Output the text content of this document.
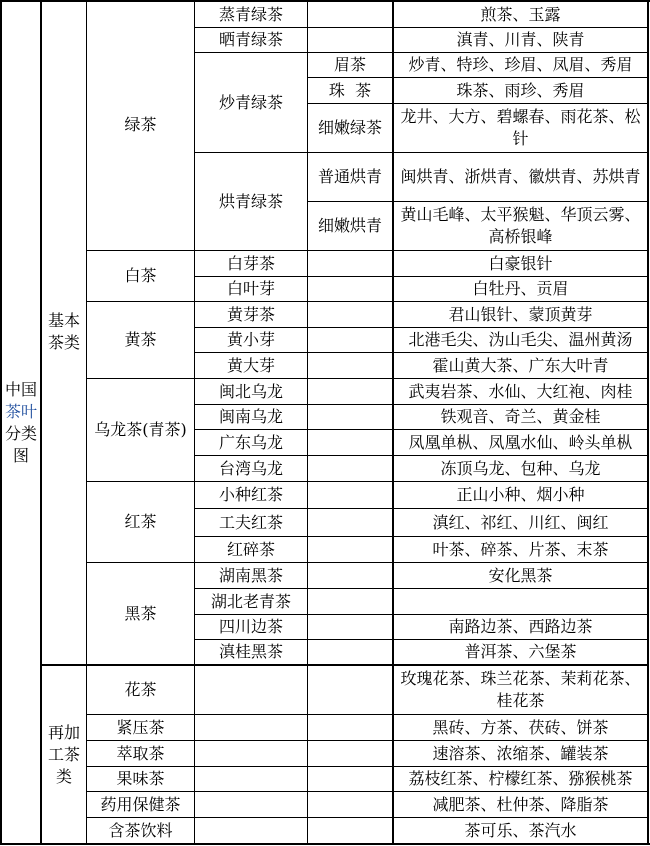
中国
茶叶
分类
图
基本茶类
再加工茶类
绿茶
白茶
黄茶
乌龙茶(青茶)
红茶
黑茶
花茶
紧压茶
萃取茶
果味茶
药用保健茶
含茶饮料
蒸青绿茶
晒青绿茶
炒青绿茶
烘青绿茶
白芽茶
白叶芽
黄芽茶
黄小芽
黄大芽
闽北乌龙
闽南乌龙
广东乌龙
台湾乌龙
小种红茶
工夫红茶
红碎茶
湖南黑茶
湖北老青茶
四川边茶
滇桂黑茶
眉茶
珠  茶
细嫩绿茶
普通烘青
细嫩烘青
煎茶、玉露
滇青、川青、陕青
炒青、特珍、珍眉、凤眉、秀眉
珠茶、雨珍、秀眉
龙井、大方、碧螺春、雨花茶、松针
闽烘青、浙烘青、徽烘青、苏烘青
黄山毛峰、太平猴魁、华顶云雾、高桥银峰
白豪银针
白牡丹、贡眉
君山银针、蒙顶黄芽
北港毛尖、沩山毛尖、温州黄汤
霍山黄大茶、广东大叶青
武夷岩茶、水仙、大红袍、肉桂
铁观音、奇兰、黄金桂
凤凰单枞、凤凰水仙、岭头单枞
冻顶乌龙、包种、乌龙
正山小种、烟小种
滇红、祁红、川红、闽红
叶茶、碎茶、片茶、末茶
安化黑茶
南路边茶、西路边茶
普洱茶、六堡茶
玫瑰花茶、珠兰花茶、茉莉花茶、桂花茶
黑砖、方茶、茯砖、饼茶
速溶茶、浓缩茶、罐装茶
荔枝红茶、柠檬红茶、猕猴桃茶
减肥茶、杜仲茶、降脂茶
茶可乐、茶汽水
